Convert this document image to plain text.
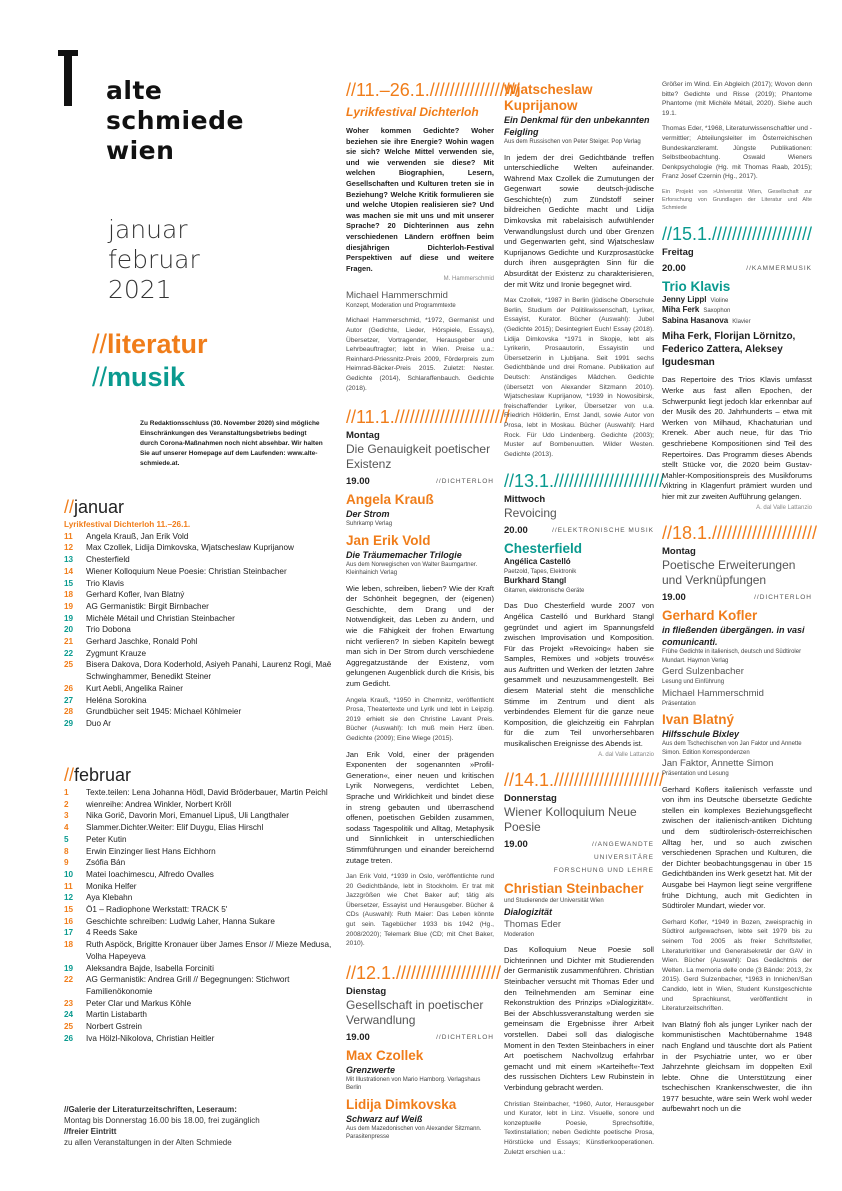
alte
schmiede
wien
januar
februar
2021
//literatur
//musik
Zu Redaktionsschluss (30. November 2020) sind mögliche Einschränkungen des Veranstaltungsbetriebs bedingt durch Corona-Maßnahmen noch nicht absehbar. Wir halten Sie auf unserer Homepage auf dem Laufenden: www.alte-schmiede.at.
//januar
Lyrikfestival Dichterloh 11.–26.1.
11	Angela Krauß, Jan Erik Vold
12	Max Czollek, Lidija Dimkovska, Wjatscheslaw Kuprijanow
13	Chesterfield
14	Wiener Kolloquium Neue Poesie: Christian Steinbacher
15	Trio Klavis
18	Gerhard Kofler, Ivan Blatný
19	AG Germanistik: Birgit Birnbacher
19	Michèle Métail und Christian Steinbacher
20	Trio Dobona
21	Gerhard Jaschke, Ronald Pohl
22	Zygmunt Krauze
25	Bisera Dakova, Dora Koderhold, Asiyeh Panahi, Laurenz Rogi, Maë Schwinghammer, Benedikt Steiner
26	Kurt Aebli, Angelika Rainer
27	Heléna Sorokina
28	Grundbücher seit 1945: Michael Köhlmeier
29	Duo Ar
//februar
1	Texte.teilen: Lena Johanna Hödl, David Bröderbauer, Martin Peichl
2	wienreihe: Andrea Winkler, Norbert Kröll
3	Nika Gorič, Davorin Mori, Emanuel Lipuš, Uli Langthaler
4	Slammer.Dichter.Weiter: Elif Duygu, Elias Hirschl
5	Peter Kutin
8	Erwin Einzinger liest Hans Eichhorn
9	Zsófia Bán
10	Matei Ioachimescu, Alfredo Ovalles
11	Monika Helfer
12	Aya Klebahn
15	Ö1 – Radiophone Werkstatt: TRACK 5'
16	Geschichte schreiben: Ludwig Laher, Hanna Sukare
17	4 Reeds Sake
18	Ruth Aspöck, Brigitte Kronauer über James Ensor // Mieze Medusa, Volha Hapeyeva
19	Aleksandra Bajde, Isabella Forciniti
22	AG Germanistik: Andrea Grill // Begegnungen: Stichwort Familienökonomie
23	Peter Clar und Markus Köhle
24	Martin Listabarth
25	Norbert Gstrein
26	Iva Hölzl-Nikolova, Christian Heitler
//Galerie der Literaturzeitschriften, Leseraum:
Montag bis Donnerstag 16.00 bis 18.00, frei zugänglich
//freier Eintritt
zu allen Veranstaltungen in der Alten Schmiede
//11.–26.1.//////////////////
Lyrikfestival Dichterloh

Woher kommen Gedichte? Woher beziehen sie ihre Energie? Wohin wagen sie sich? Welche Mittel verwenden sie, und wie verwenden sie diese? Mit welchen Biographien, Lesern, Gesellschaften und Kulturen treten sie in Beziehung? Welche Kritik formulieren sie und welche Utopien realisieren sie? Und was machen sie mit uns und mit unserer Sprache? 20 Dichterinnen aus zehn verschiedenen Ländern eröffnen beim diesjährigen Dichterloh-Festival Perspektiven auf diese und weitere Fragen.

M. Hammerschmid
Michael Hammerschmid
Konzept, Moderation und Programmtexte

Michael Hammerschmid, *1972, Germanist und Autor (Gedichte, Lieder, Hörspiele, Essays), Übersetzer, Vortragender, Herausgeber und Lehrbeauftragter; lebt in Wien. Preise u.a.: Reinhard-Priessnitz-Preis 2009, Förderpreis zum Heimrad-Bäcker-Preis 2015. Zuletzt: Nester. Gedichte (2014), Schlaraffenbauch. Gedichte (2018).

//11.1.///////////////////////
Montag
Die Genauigkeit poetischer Existenz
19.00	//DICHTERLOH
Angela Krauß
Der Strom
Suhrkamp Verlag
Jan Erik Vold
Die Träumemacher Trilogie
Aus dem Norwegischen von Walter Baumgartner. Kleinhainich Verlag

Wie leben, schreiben, lieben? Wie der Kraft der Schönheit begegnen, der (eigenen) Geschichte, dem Drang und der Notwendigkeit, das Leben zu ändern, und wie die Fähigkeit der frohen Erwartung nicht verlieren? In sieben Kapiteln bewegt man sich in Der Strom durch verschiedene Aggregatzustände der Existenz, vom gelungenen Augenblick durch die Krisis, bis zum Gedicht.

Angela Krauß, *1950 in Chemnitz, veröffentlicht Prosa, Theatertexte und Lyrik und lebt in Leipzig. 2019 erhielt sie den Christine Lavant Preis. Bücher (Auswahl): Ich muß mein Herz üben. Gedichte (2009); Eine Wiege (2015).

Jan Erik Vold, einer der prägenden Exponenten der sogenannten »Profil-Generation«, einer neuen und kritischen Lyrik Norwegens, verdichtet Leben, Sprache und Wirklichkeit und bindet diese in streng gebauten und überraschend offenen, poetischen Gebilden zusammen, sodass Tagespolitik und Alltag, Metaphysik und Sinnlichkeit in unterschiedlichen Stimmführungen und einander bereichernd zutage treten.

Jan Erik Vold, *1939 in Oslo, veröffentlichte rund 20 Gedichtbände, lebt in Stockholm. Er trat mit Jazzgrößen wie Chet Baker auf; tätig als Übersetzer, Essayist und Herausgeber. Bücher & CDs (Auswahl): Ruth Maier: Das Leben könnte gut sein. Tagebücher 1933 bis 1942 (Hg., 2008/2020); Telemark Blue (CD; mit Chet Baker, 2010).

//12.1./////////////////////
Dienstag
Gesellschaft in poetischer Verwandlung
19.00	//DICHTERLOH
Max Czollek
Grenzwerte
Mit Illustrationen von Mario Hamborg. Verlagshaus Berlin
Lidija Dimkovska
Schwarz auf Weiß
Aus dem Mazedonischen von Alexander Sitzmann. Parasitenpresse
Wjatscheslaw Kuprijanow
Ein Denkmal für den unbekannten Feigling
Aus dem Russischen von Peter Steiger. Pop Verlag

In jedem der drei Gedichtbände treffen unterschiedliche Welten aufeinander. Während Max Czollek die Zumutungen der Gegenwart sowie deutsch-jüdische Geschichte(n) zum Zündstoff seiner bildreichen Gedichte macht und Lidija Dimkovska mit rabelaisisch aufwühlender Verwandlungslust durch und über Grenzen und Gegenwarten geht, sind Wjatscheslaw Kuprijanows Gedichte und Kurzprosastücke durch ihren ausgeprägten Sinn für die Absurdität der Existenz zu charakterisieren, der mit Witz und Ironie begegnet wird.

Max Czollek, *1987 in Berlin (jüdische Oberschule Berlin, Studium der Politikwissenschaft, Lyriker, Essayist, Kurator. Bücher (Auswahl): Jubel (Gedichte 2015); Desintegriert Euch! Essay (2018). Lidija Dimkovska *1971 in Skopje, lebt als Lyrikerin, Prosaautorin, Essayistin und Übersetzerin in Ljubljana. Seit 1991 sechs Gedichtbände und drei Romane. Publikation auf Deutsch: Anständiges Mädchen. Gedichte (übersetzt von Alexander Sitzmann 2010). Wjatscheslaw Kuprijanow, *1939 in Nowosibirsk, freischaffender Lyriker, Übersetzer von u.a. Friedrich Hölderlin, Ernst Jandl, sowie Autor von Prosa, lebt in Moskau. Bücher (Auswahl): Hard Rock. Für Udo Lindenberg. Gedichte (2003); Muster auf Bombenuutten. Wilder Westen. Gedichte (2013).

//13.1.//////////////////////
Mittwoch
Revoicing
20.00	//ELEKTRONISCHE MUSIK
Chesterfield
Angélica Castelló
Paetzold, Tapes, Elektronik
Burkhard Stangl
Gitarren, elektronische Geräte

Das Duo Chesterfield wurde 2007 von Angélica Castelló und Burkhard Stangl gegründet und agiert im Spannungsfeld zwischen Improvisation und Komposition. Für das Projekt »Revoicing« haben sie Samples, Remixes und »objets trouvés« aus Auftritten und Werken der letzten Jahre gesammelt und neuzusammengestellt. Bei diesem Material steht die menschliche Stimme im Zentrum und dient als verbindendes Element für die ganze neue Komposition, die gleichzeitig ein Fahrplan für die zum Teil unvorhersehbaren musikalischen Ereignisse des Abends ist.

A. dal Valle Lattanzio
//14.1.//////////////////////
Donnerstag
Wiener Kolloquium Neue Poesie
19.00	//ANGEWANDTE UNIVERSITÄRE FORSCHUNG UND LEHRE
Christian Steinbacher
und Studierende der Universität Wien
Dialogizität
Thomas Eder
Moderation

Das Kolloquium Neue Poesie soll Dichterinnen und Dichter mit Studierenden der Germanistik zusammenführen. Christian Steinbacher versucht mit Thomas Eder und den Teilnehmenden am Seminar eine Rekonstruktion des Prinzips »Dialogizität«. Bei der Abschlussveranstaltung werden sie gemeinsam die Ergebnisse ihrer Arbeit vorstellen. Dabei soll das dialogische Moment in den Texten Steinbachers in einer Art poetischem Nachvollzug erfahrbar gemacht und mit einem »Karteiheft«-Text des russischen Dichters Lew Rubinstein in Verbindung gebracht werden.

Christian Steinbacher, *1960, Autor, Herausgeber und Kurator, lebt in Linz. Visuelle, sonore und konzeptuelle Poesie, Sprechsoftitle, Textinstallation; neben Gedichte poetische Prosa, Hörstücke und Essays; Künstlerkooperationen. Zuletzt erschien u.a.:

Größer im Wind. Ein Abgleich (2017); Wovon denn bitte? Gedichte und Risse (2019); Phantome Phantome (mit Michèle Métail, 2020). Siehe auch 19.1.

Thomas Eder, *1968, Literaturwissenschaftler und -vermittler; Abteilungsleiter im Österreichischen Bundeskanzleramt. Jüngste Publikationen: Selbstbeobachtung. Oswald Wieners Denkpsychologie (Hg. mit Thomas Raab, 2015); Franz Josef Czernin (Hg., 2017).

Ein Projekt von »Universität Wien, Gesellschaft zur Erforschung von Grundlagen der Literatur und Alte Schmiede

//15.1.////////////////////
Freitag
20.00	//KAMMERMUSIK
Trio Klavis
Jenny Lippl Violine
Miha Ferk Saxophon
Sabina Hasanova Klavier
Miha Ferk, Florijan Lörnitzo, Federico Zattera, Aleksey Igudesman

Das Repertoire des Trios Klavis umfasst Werke aus fast allen Epochen, der Schwerpunkt liegt jedoch klar erkennbar auf der Musik des 20. Jahrhunderts – etwa mit Werken von Milhaud, Khachaturian und Krenek. Aber auch neue, für das Trio geschriebene Kompositionen sind Teil des Repertoires. Das Programm dieses Abends stellt Stücke vor, die 2020 beim Gustav-Mahler-Kompositionspreis des Musikforums Viktring in Klagenfurt prämiert wurden und hier mit zur zweiten Aufführung gelangen.

A. dal Valle Lattanzio
//18.1./////////////////////
Montag
Poetische Erweiterungen und Verknüpfungen
19.00	//DICHTERLOH
Gerhard Kofler
in fließenden übergängen. in vasi comunicanti.
Frühe Gedichte in italienisch, deutsch und Südtiroler Mundart. Haymon Verlag
Gerd Sulzenbacher
Lesung und Einführung
Michael Hammerschmid
Präsentation
Ivan Blatný
Hilfsschule Bixley
Aus dem Tschechischen von Jan Faktor und Annette Simon. Edition Korrespondenzen
Jan Faktor, Annette Simon
Präsentation und Lesung

Gerhard Koflers italienisch verfasste und von ihm ins Deutsche übersetzte Gedichte stellen ein komplexes Beziehungsgeflecht zwischen der italienisch-antiken Dichtung und dem südtirolerisch-österreichischen Alltag her, und so auch zwischen verschiedenen Sprachen und Kulturen, die der Dichter beobachtungsgenau in über 15 Gedichtbänden ins Werk gesetzt hat. Mit der Ausgabe bei Haymon liegt seine vergriffene frühe Dichtung, auch mit Gedichten in Südtiroler Mundart, wieder vor.

Gerhard Kofler, *1949 in Bozen, zweisprachig in Südtirol aufgewachsen, lebte seit 1979 bis zu seinem Tod 2005 als freier Schriftsteller, Literaturkritiker und Generalsekretär der GAV in Wien. Bücher (Auswahl): Das Gedächtnis der Welten. La memoria delle onde (3 Bände: 2013, 2x 2015). Gerd Sulzenbacher, *1963 in Innichen/San Candido, lebt in Wien, Student Kunstgeschichte und Sprachkunst, veröffentlicht in Literaturzeitschriften.

Ivan Blatný floh als junger Lyriker nach der kommunistischen Machtübernahme 1948 nach England und täuschte dort als Patient in der Psychiatrie unter, wo er über Jahrzehnte gleichsam im doppelten Exil lebte. Ohne die Unterstützung einer tschechischen Krankenschwester, die ihn 1977 besuchte, wäre sein Werk wohl weder aufbewahrt noch un die
